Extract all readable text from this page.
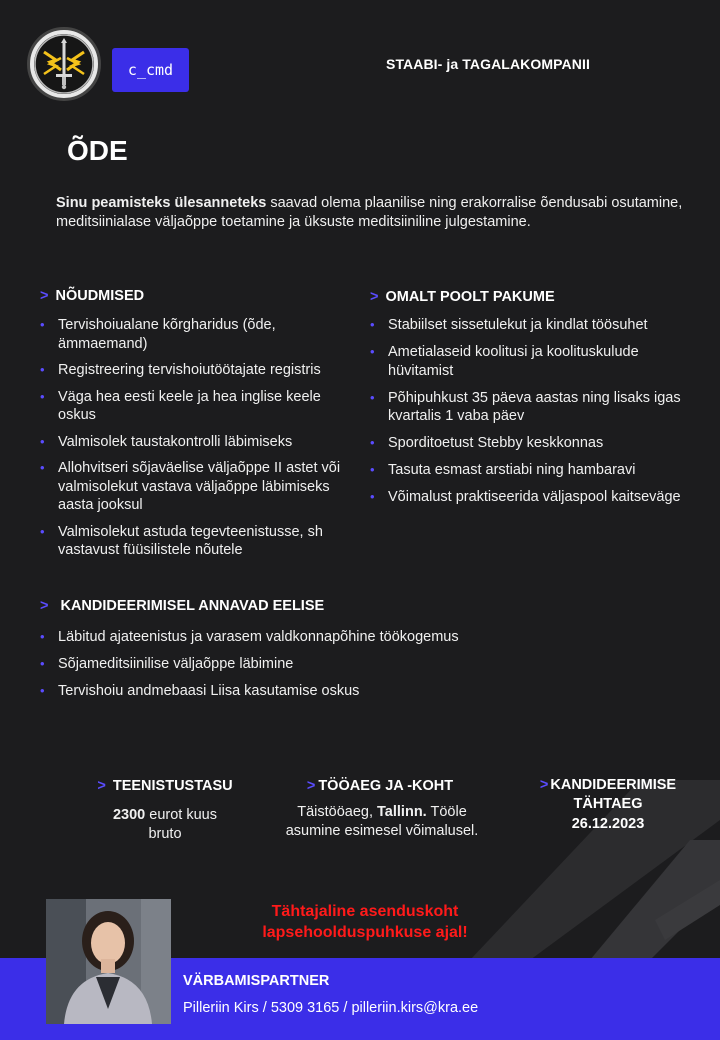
c_cmd	STAABI- ja TAGALAKOMPANII
ÕDE

Sinu peamisteks ülesanneteks saavad olema plaanilise ning erakorralise õendusabi osutamine, meditsiinialase väljaõppe toetamine ja üksuste meditsiiniline julgestamine.

> NÕUDMISED
• Tervishoiualane kõrgharidus (õde, ämmaemand)
• Registreering tervishoiutöötajate registris
• Väga hea eesti keele ja hea inglise keele oskus
• Valmisolek taustakontrolli läbimiseks
• Allohvitseri sõjaväelise väljaõppe II astet või valmisolekut vastava väljaõppe läbimiseks aasta jooksul
• Valmisolekut astuda tegevteenistusse, sh vastavust füüsilistele nõutele
> OMALT POOLT PAKUME
• Stabiilset sissetulekut ja kindlat töösuhet
• Ametialaseid koolitusi ja koolituskulude hüvitamist
• Põhipuhkust 35 päeva aastas ning lisaks igas kvartalis 1 vaba päev
• Sporditoetust Stebby keskkonnas
• Tasuta esmast arstiabi ning hambaravi
• Võimalust praktiseerida väljaspool kaitseväge
> KANDIDEERIMISEL ANNAVAD EELISE
• Läbitud ajateenistus ja varasem valdkonnapõhine töökogemus
• Sõjameditsiinilise väljaõppe läbimine
• Tervishoiu andmebaasi Liisa kasutamise oskus
> TEENISTUSTASU
2300 eurot kuus bruto
> TÖÖAEG JA -KOHT
Täistööaeg, Tallinn. Tööle asumine esimesel võimalusel.
> KANDIDEERIMISE TÄHTAEG
26.12.2023
Tähtajaline asenduskoht lapsehoolduspuhkuse ajal!
VÄRBAMISPARTNER
Pilleriin Kirs / 5309 3165 / pilleriin.kirs@kra.ee
